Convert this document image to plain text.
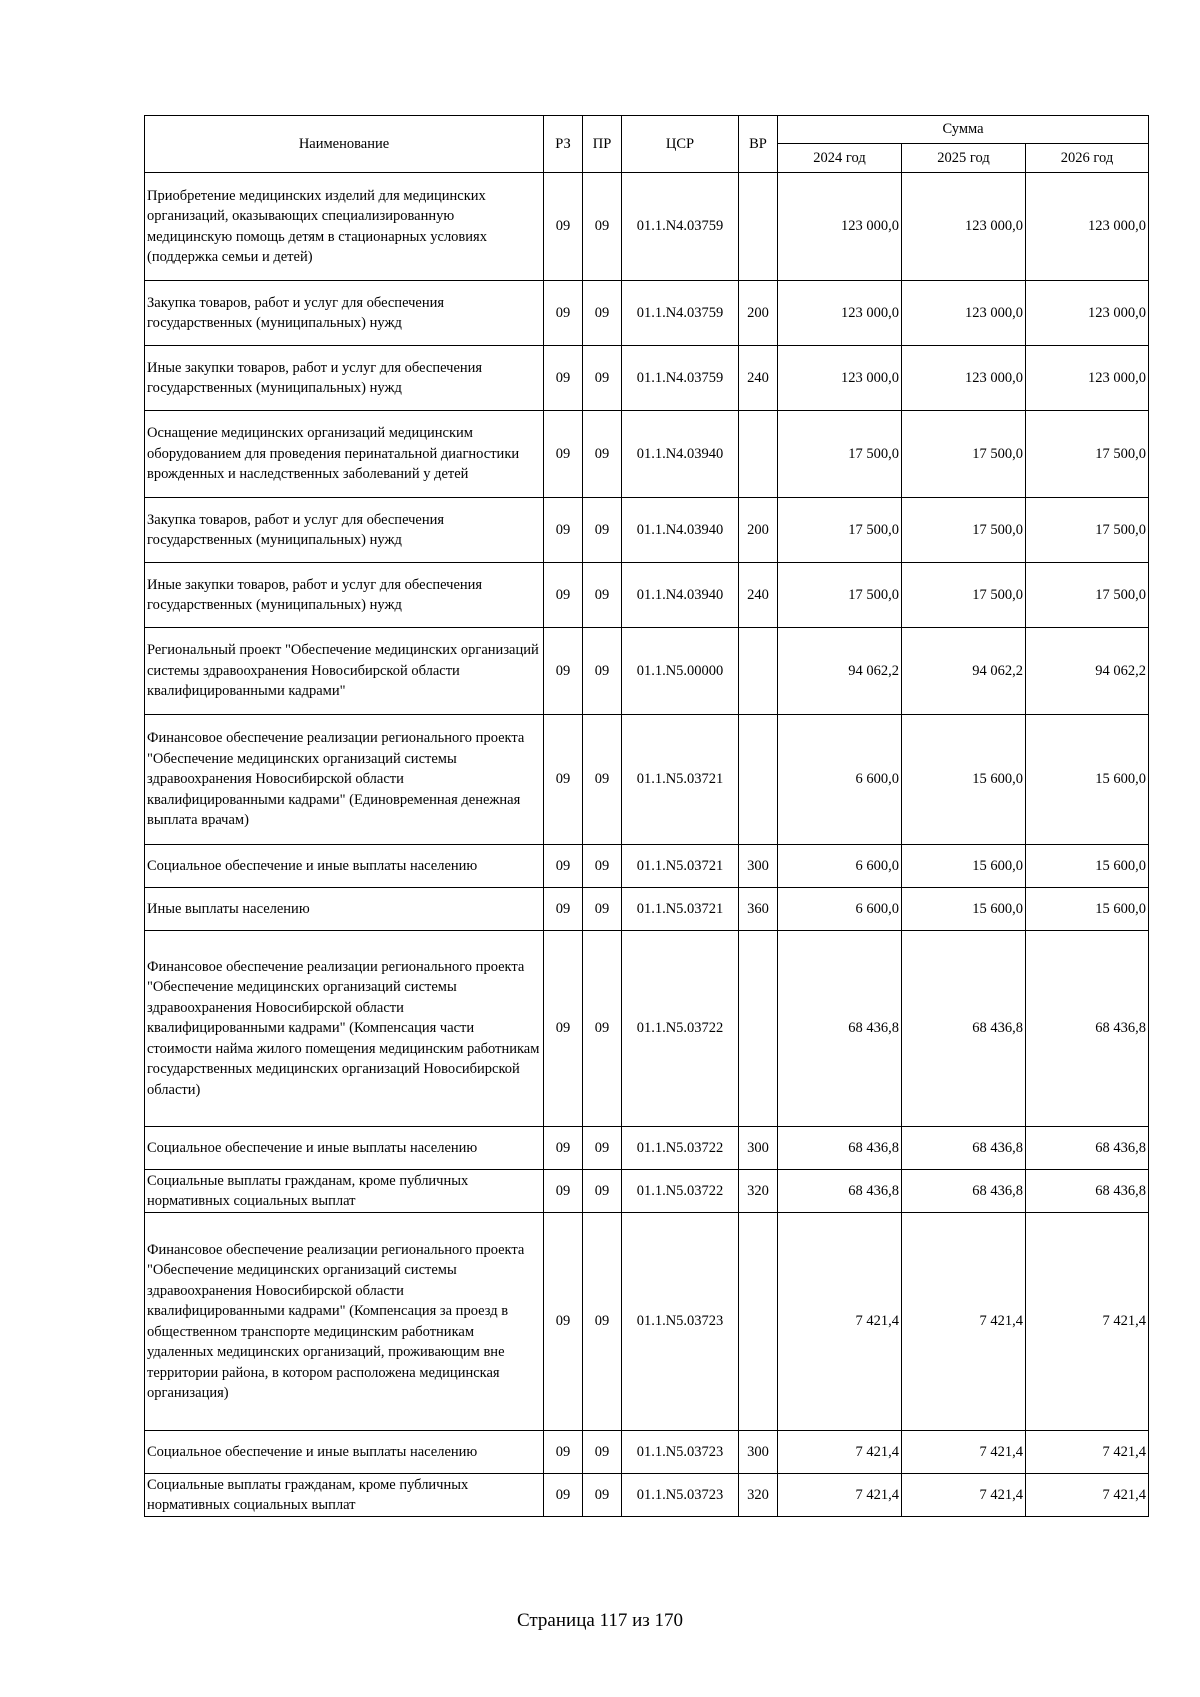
Наименование	РЗ	ПР	ЦСР	ВР	Сумма		
					2024 год	2025 год	2026 год
Приобретение медицинских изделий для медицинских организаций, оказывающих специализированную медицинскую помощь детям в стационарных условиях (поддержка семьи и детей)	09	09	01.1.N4.03759		123 000,0	123 000,0	123 000,0
Закупка товаров, работ и услуг для обеспечения государственных (муниципальных) нужд	09	09	01.1.N4.03759	200	123 000,0	123 000,0	123 000,0
Иные закупки товаров, работ и услуг для обеспечения государственных (муниципальных) нужд	09	09	01.1.N4.03759	240	123 000,0	123 000,0	123 000,0
Оснащение медицинских организаций медицинским оборудованием для проведения перинатальной диагностики врожденных и наследственных заболеваний у детей	09	09	01.1.N4.03940		17 500,0	17 500,0	17 500,0
Закупка товаров, работ и услуг для обеспечения государственных (муниципальных) нужд	09	09	01.1.N4.03940	200	17 500,0	17 500,0	17 500,0
Иные закупки товаров, работ и услуг для обеспечения государственных (муниципальных) нужд	09	09	01.1.N4.03940	240	17 500,0	17 500,0	17 500,0
Региональный проект "Обеспечение медицинских организаций системы здравоохранения Новосибирской области квалифицированными кадрами"	09	09	01.1.N5.00000		94 062,2	94 062,2	94 062,2
Финансовое обеспечение реализации регионального проекта "Обеспечение медицинских организаций системы здравоохранения Новосибирской области квалифицированными кадрами" (Единовременная денежная выплата врачам)	09	09	01.1.N5.03721		6 600,0	15 600,0	15 600,0
Социальное обеспечение и иные выплаты населению	09	09	01.1.N5.03721	300	6 600,0	15 600,0	15 600,0
Иные выплаты населению	09	09	01.1.N5.03721	360	6 600,0	15 600,0	15 600,0
Финансовое обеспечение реализации регионального проекта "Обеспечение медицинских организаций системы здравоохранения Новосибирской области квалифицированными кадрами" (Компенсация части стоимости найма жилого помещения медицинским работникам государственных медицинских организаций Новосибирской области)	09	09	01.1.N5.03722		68 436,8	68 436,8	68 436,8
Социальное обеспечение и иные выплаты населению	09	09	01.1.N5.03722	300	68 436,8	68 436,8	68 436,8
Социальные выплаты гражданам, кроме публичных нормативных социальных выплат	09	09	01.1.N5.03722	320	68 436,8	68 436,8	68 436,8
Финансовое обеспечение реализации регионального проекта "Обеспечение медицинских организаций системы здравоохранения Новосибирской области квалифицированными кадрами" (Компенсация за проезд в общественном транспорте медицинским работникам удаленных медицинских организаций, проживающим вне территории района, в котором расположена медицинская организация)	09	09	01.1.N5.03723		7 421,4	7 421,4	7 421,4
Социальное обеспечение и иные выплаты населению	09	09	01.1.N5.03723	300	7 421,4	7 421,4	7 421,4
Социальные выплаты гражданам, кроме публичных нормативных социальных выплат	09	09	01.1.N5.03723	320	7 421,4	7 421,4	7 421,4
Страница 117 из 170
